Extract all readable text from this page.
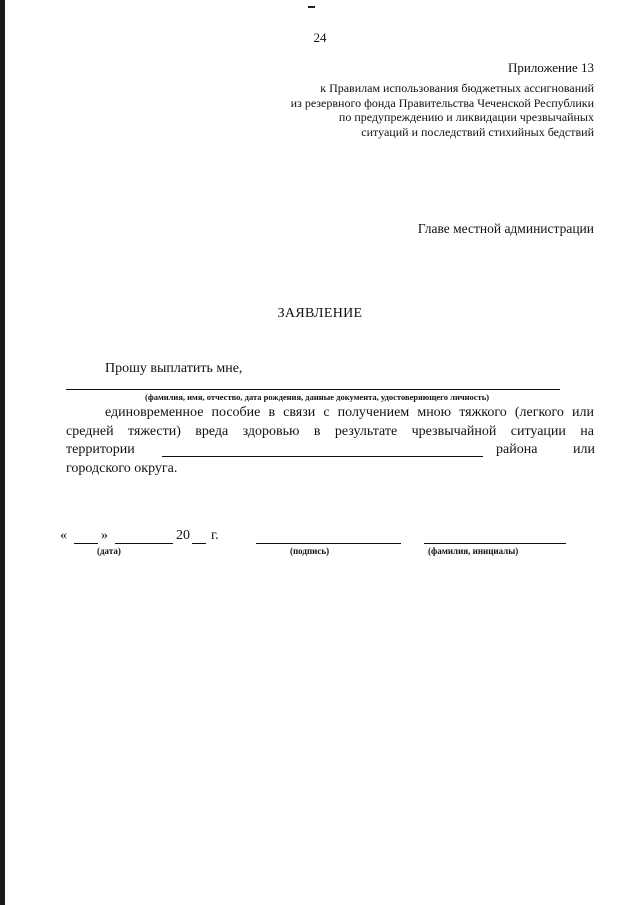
24
Приложение 13
к Правилам использования бюджетных ассигнований
из резервного фонда Правительства Чеченской Республики
по предупреждению и ликвидации чрезвычайных
ситуаций и последствий стихийных бедствий
Главе местной администрации
ЗАЯВЛЕНИЕ
Прошу выплатить мне,
(фамилия, имя, отчество, дата рождения, данные документа, удостоверяющего личность)
единовременное пособие в связи с получением мною тяжкого (легкого или
средней тяжести) вреда здоровью в результате чрезвычайной ситуации на
территории	района	или
городского округа.
« »	20 г.
(дата)	(подпись)	(фамилия, инициалы)
